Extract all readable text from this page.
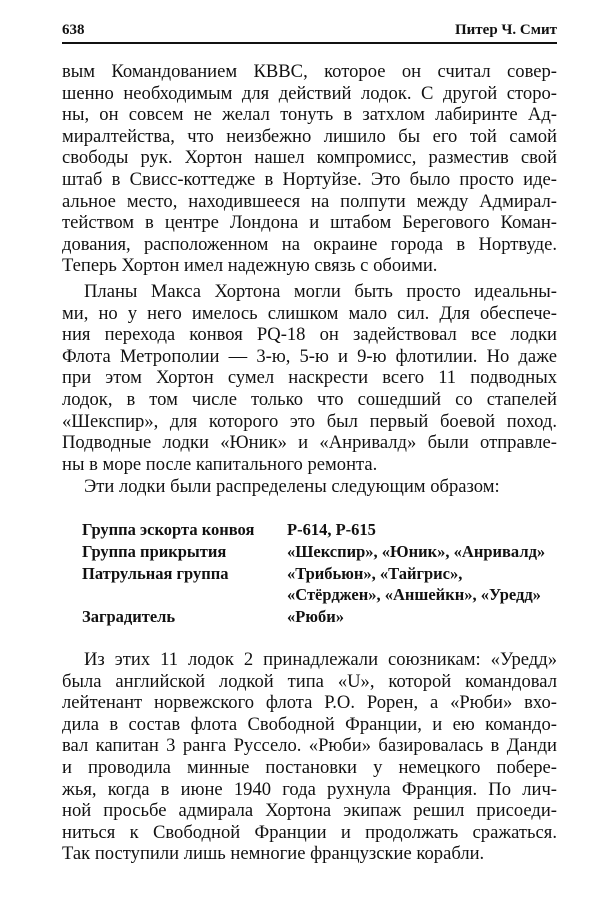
638	Питер Ч. Смит
вым Командованием КВВС, которое он считал совер-
шенно необходимым для действий лодок. С другой сторо-
ны, он совсем не желал тонуть в затхлом лабиринте Ад-
миралтейства, что неизбежно лишило бы его той самой
свободы рук. Хортон нашел компромисс, разместив свой
штаб в Свисс-коттедже в Нортуйзе. Это было просто иде-
альное место, находившееся на полпути между Адмирал-
тейством в центре Лондона и штабом Берегового Коман-
дования, расположенном на окраине города в Нортвуде.
Теперь Хортон имел надежную связь с обоими.
Планы Макса Хортона могли быть просто идеальны-
ми, но у него имелось слишком мало сил. Для обеспече-
ния перехода конвоя PQ-18 он задействовал все лодки
Флота Метрополии — 3-ю, 5-ю и 9-ю флотилии. Но даже
при этом Хортон сумел наскрести всего 11 подводных
лодок, в том числе только что сошедший со стапелей
«Шекспир», для которого это был первый боевой поход.
Подводные лодки «Юник» и «Анривалд» были отправле-
ны в море после капитального ремонта.
Эти лодки были распределены следующим образом:
Группа эскорта конвоя Р-614, Р-615
Группа прикрытия	«Шекспир», «Юник», «Анривалд»
Патрульная группа	«Трибьюн», «Тайгрис»,
«Стёрджен», «Аншейкн», «Уредд»
Заградитель	«Рюби»
Из этих 11 лодок 2 принадлежали союзникам: «Уредд»
была английской лодкой типа «U», которой командовал
лейтенант норвежского флота Р.О. Рорен, а «Рюби» вхо-
дила в состав флота Свободной Франции, и ею командо-
вал капитан 3 ранга Руссело. «Рюби» базировалась в Данди
и проводила минные постановки у немецкого побере-
жья, когда в июне 1940 года рухнула Франция. По лич-
ной просьбе адмирала Хортона экипаж решил присоеди-
ниться к Свободной Франции и продолжать сражаться.
Так поступили лишь немногие французские корабли.
